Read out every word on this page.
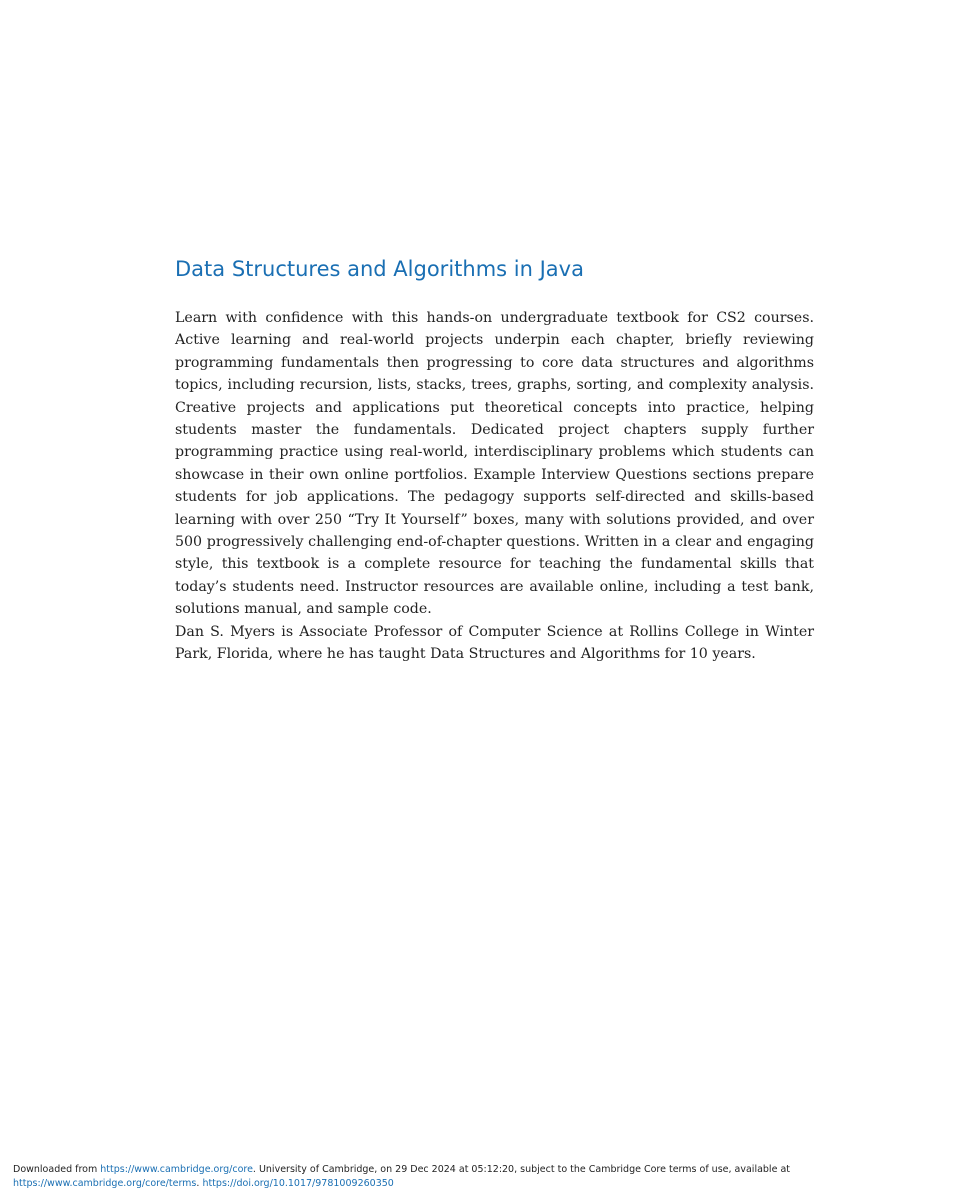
Data Structures and Algorithms in Java

Learn with confidence with this hands-on undergraduate textbook for CS2 courses. Active learning and real-world projects underpin each chapter, briefly reviewing programming fundamentals then progressing to core data structures and algorithms topics, including recursion, lists, stacks, trees, graphs, sorting, and complexity analysis. Creative projects and applications put theoretical concepts into practice, helping students master the fundamentals. Dedicated project chapters supply further programming practice using real-world, interdisciplinary problems which students can showcase in their own online portfolios. Example Interview Questions sections prepare students for job applications. The pedagogy supports self-directed and skills-based learning with over 250 “Try It Yourself” boxes, many with solutions provided, and over 500 progressively challenging end-of-chapter questions. Written in a clear and engaging style, this textbook is a complete resource for teaching the fundamental skills that today’s students need. Instructor resources are available online, including a test bank, solutions manual, and sample code.

Dan S. Myers is Associate Professor of Computer Science at Rollins College in Winter Park, Florida, where he has taught Data Structures and Algorithms for 10 years.

Downloaded from https://www.cambridge.org/core. University of Cambridge, on 29 Dec 2024 at 05:12:20, subject to the Cambridge Core terms of use, available at https://www.cambridge.org/core/terms. https://doi.org/10.1017/9781009260350
